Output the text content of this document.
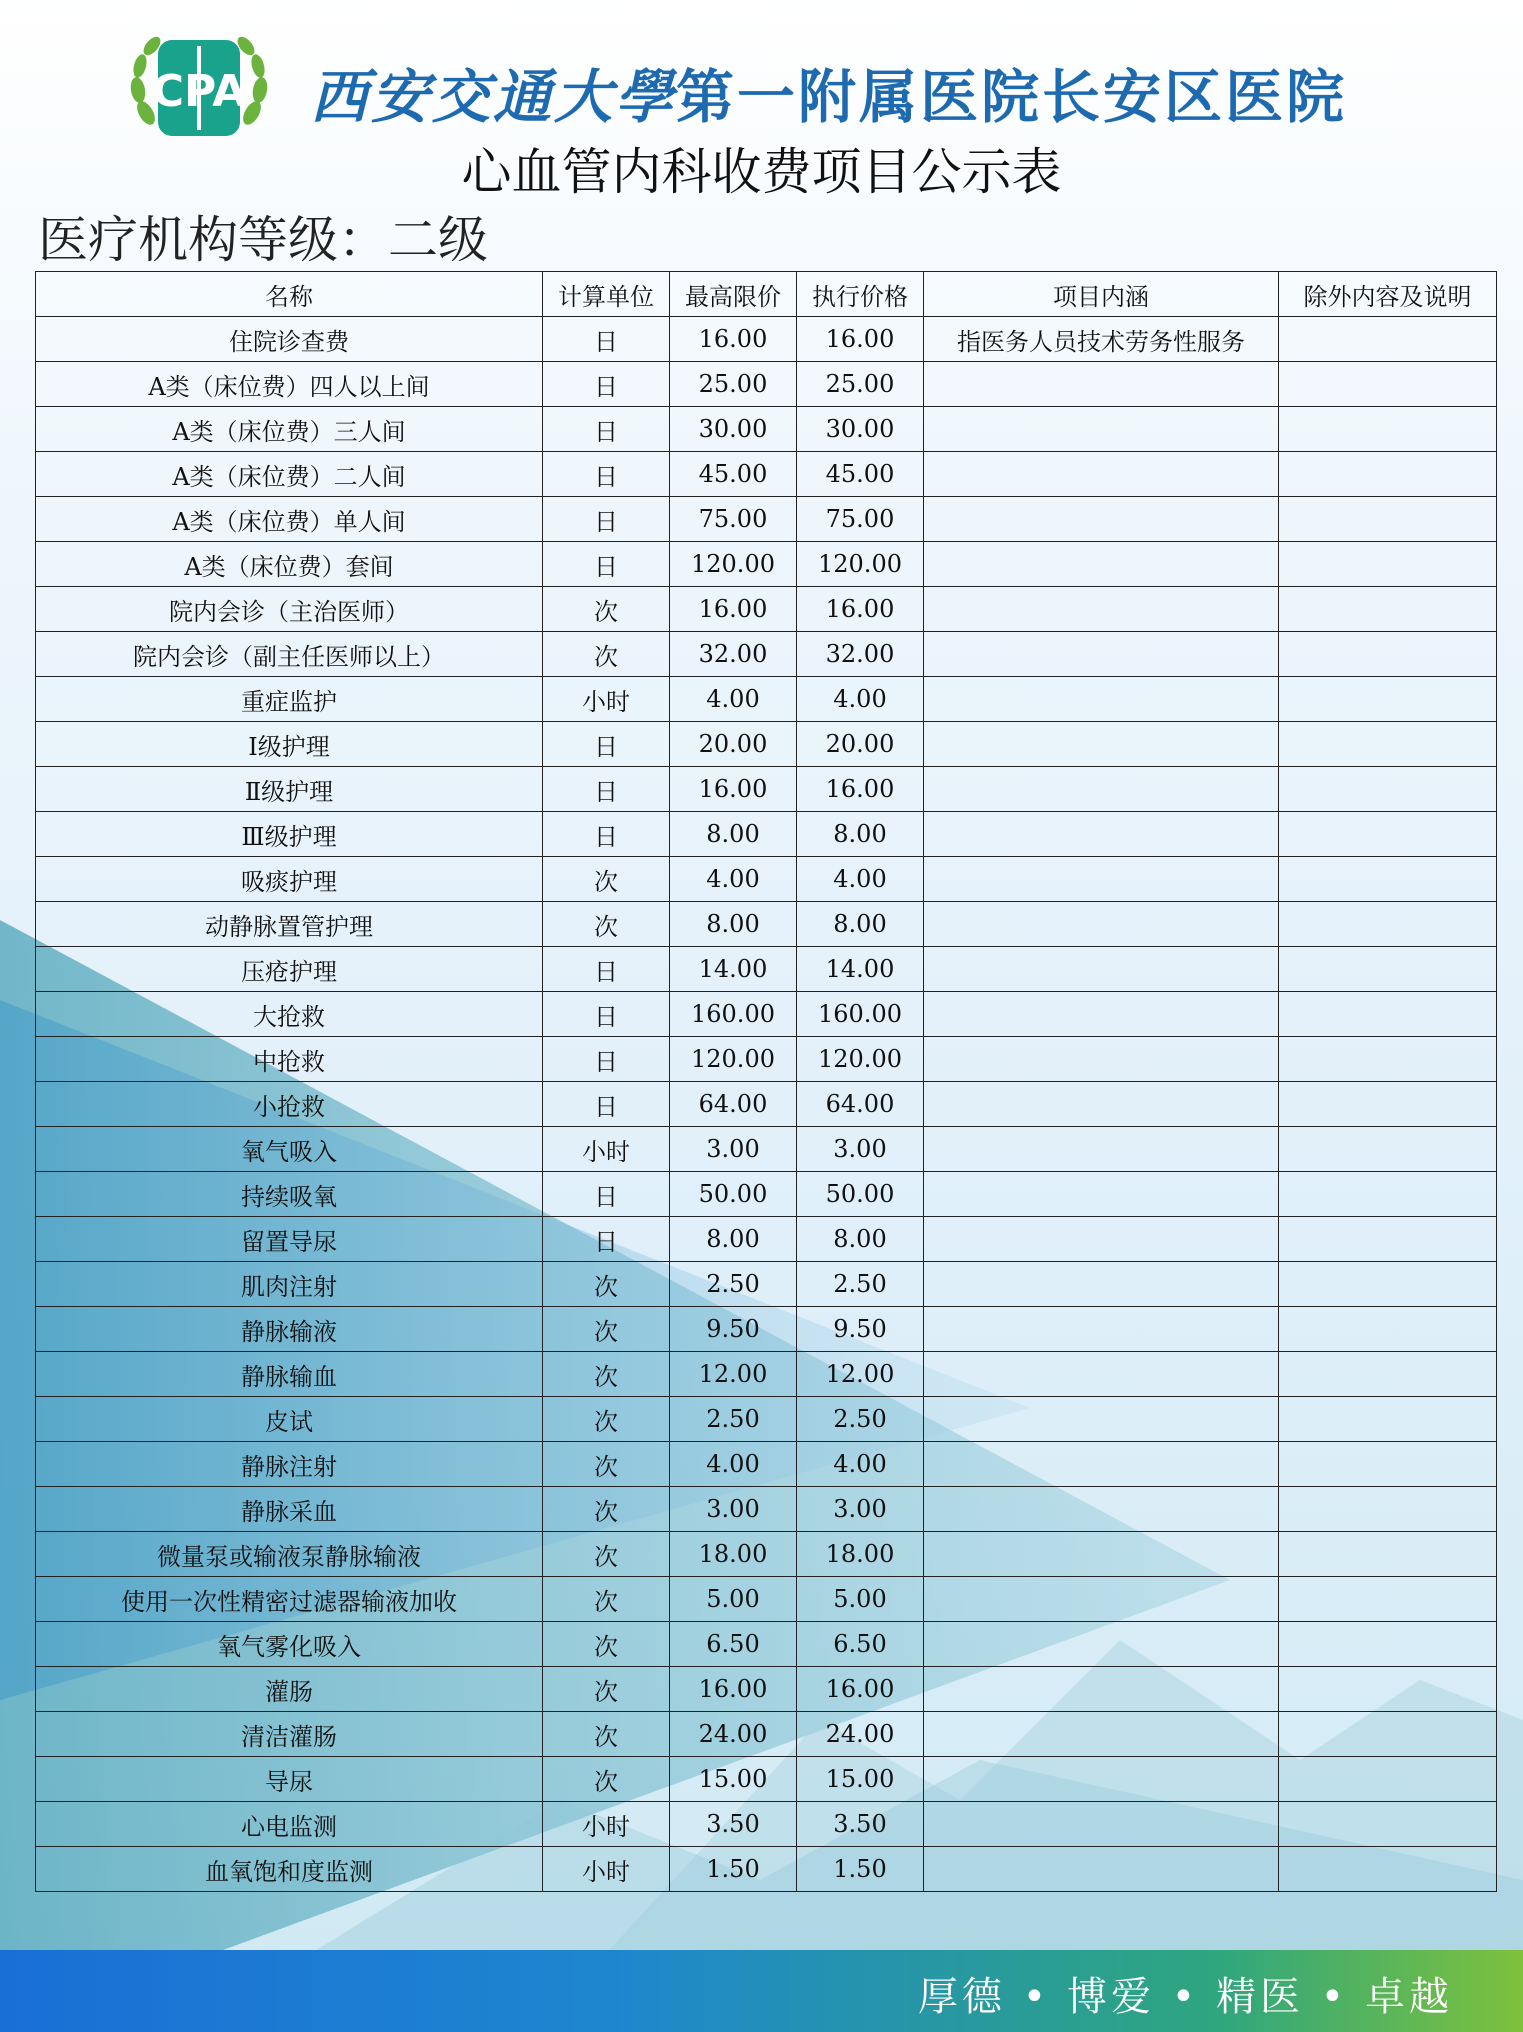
CPA 西安交通大學第一附属医院长安区医院
心血管内科收费项目公示表
医疗机构等级：二级
名称	计算单位	最高限价	执行价格	项目内涵	除外内容及说明
住院诊查费	日	16.00	16.00	指医务人员技术劳务性服务	
A类（床位费）四人以上间	日	25.00	25.00		
A类（床位费）三人间	日	30.00	30.00		
A类（床位费）二人间	日	45.00	45.00		
A类（床位费）单人间	日	75.00	75.00		
A类（床位费）套间	日	120.00	120.00		
院内会诊（主治医师）	次	16.00	16.00		
院内会诊（副主任医师以上）	次	32.00	32.00		
重症监护	小时	4.00	4.00		
Ⅰ级护理	日	20.00	20.00		
Ⅱ级护理	日	16.00	16.00		
Ⅲ级护理	日	8.00	8.00		
吸痰护理	次	4.00	4.00		
动静脉置管护理	次	8.00	8.00		
压疮护理	日	14.00	14.00		
大抢救	日	160.00	160.00		
中抢救	日	120.00	120.00		
小抢救	日	64.00	64.00		
氧气吸入	小时	3.00	3.00		
持续吸氧	日	50.00	50.00		
留置导尿	日	8.00	8.00		
肌肉注射	次	2.50	2.50		
静脉输液	次	9.50	9.50		
静脉输血	次	12.00	12.00		
皮试	次	2.50	2.50		
静脉注射	次	4.00	4.00		
静脉采血	次	3.00	3.00		
微量泵或输液泵静脉输液	次	18.00	18.00		
使用一次性精密过滤器输液加收	次	5.00	5.00		
氧气雾化吸入	次	6.50	6.50		
灌肠	次	16.00	16.00		
清洁灌肠	次	24.00	24.00		
导尿	次	15.00	15.00		
心电监测	小时	3.50	3.50		
血氧饱和度监测	小时	1.50	1.50		
厚德 • 博爱 • 精医 • 卓越
